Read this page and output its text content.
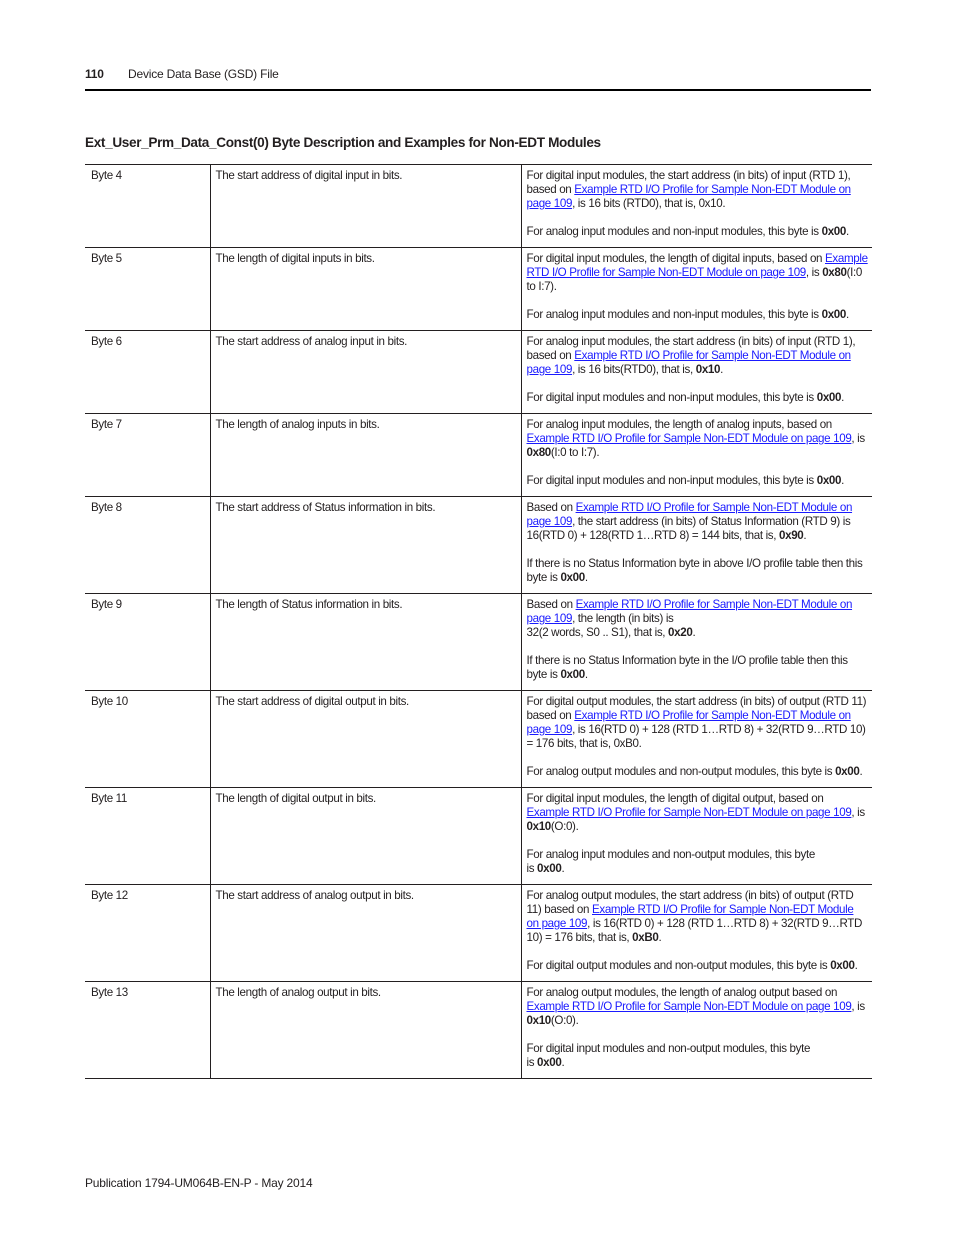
110 Device Data Base (GSD) File
Ext_User_Prm_Data_Const(0) Byte Description and Examples for Non-EDT Modules
Byte 4	The start address of digital input in bits.	For digital input modules, the start address (in bits) of input (RTD 1), based on Example RTD I/O Profile for Sample Non-EDT Module on page 109, is 16 bits (RTD0), that is, 0x10.

For analog input modules and non-input modules, this byte is 0x00.

Byte 5	The length of digital inputs in bits.	For digital input modules, the length of digital inputs, based on Example RTD I/O Profile for Sample Non-EDT Module on page 109, is 0x80(I:0 to I:7).

For analog input modules and non-input modules, this byte is 0x00.

Byte 6	The start address of analog input in bits.	For analog input modules, the start address (in bits) of input (RTD 1), based on Example RTD I/O Profile for Sample Non-EDT Module on page 109, is 16 bits(RTD0), that is, 0x10.

For digital input modules and non-input modules, this byte is 0x00.

Byte 7	The length of analog inputs in bits.	For analog input modules, the length of analog inputs, based on Example RTD I/O Profile for Sample Non-EDT Module on page 109, is 0x80(I:0 to I:7).

For digital input modules and non-input modules, this byte is 0x00.

Byte 8	The start address of Status information in bits.	Based on Example RTD I/O Profile for Sample Non-EDT Module on page 109, the start address (in bits) of Status Information (RTD 9) is 16(RTD 0) + 128(RTD 1…RTD 8) = 144 bits, that is, 0x90.

If there is no Status Information byte in above I/O profile table then this byte is 0x00.

Byte 9	The length of Status information in bits.	Based on Example RTD I/O Profile for Sample Non-EDT Module on page 109, the length (in bits) is
32(2 words, S0 .. S1), that is, 0x20.

If there is no Status Information byte in the I/O profile table then this byte is 0x00.

Byte 10	The start address of digital output in bits.	For digital output modules, the start address (in bits) of output (RTD 11) based on Example RTD I/O Profile for Sample Non-EDT Module on page 109, is 16(RTD 0) + 128 (RTD 1…RTD 8) + 32(RTD 9…RTD 10) = 176 bits, that is, 0xB0.

For analog output modules and non-output modules, this byte is 0x00.

Byte 11	The length of digital output in bits.	For digital input modules, the length of digital output, based on Example RTD I/O Profile for Sample Non-EDT Module on page 109, is 0x10(O:0).

For analog input modules and non-output modules, this byte
is 0x00.

Byte 12	The start address of analog output in bits.	For analog output modules, the start address (in bits) of output (RTD 11) based on Example RTD I/O Profile for Sample Non-EDT Module on page 109, is 16(RTD 0) + 128 (RTD 1…RTD 8) + 32(RTD 9…RTD 10) = 176 bits, that is, 0xB0.

For digital output modules and non-output modules, this byte is 0x00.

Byte 13	The length of analog output in bits.	For analog output modules, the length of analog output based on Example RTD I/O Profile for Sample Non-EDT Module on page 109, is 0x10(O:0).

For digital input modules and non-output modules, this byte
is 0x00.

Publication 1794-UM064B-EN-P - May 2014
